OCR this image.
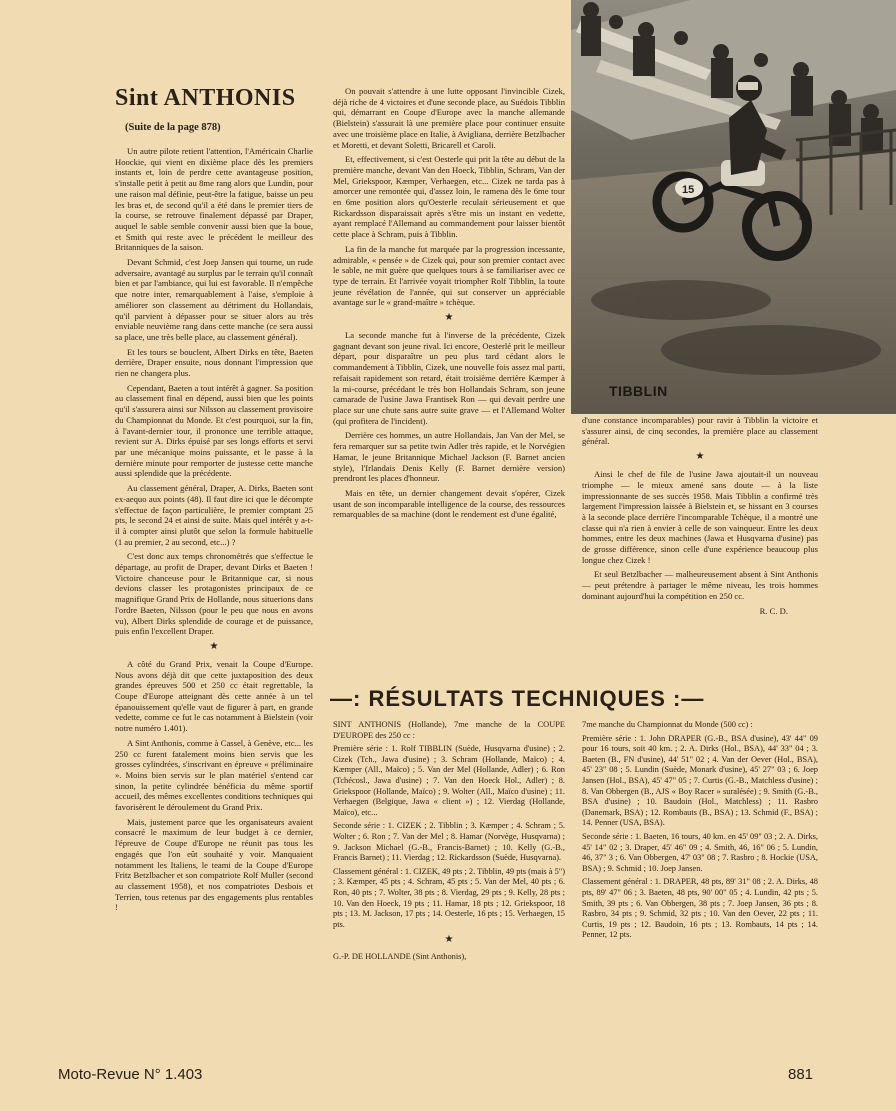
Sint ANTHONIS
(Suite de la page 878)

Un autre pilote retient l'attention, l'Américain Charlie Hoockie, qui vient en dixième place dès les premiers instants et, loin de perdre cette avantageuse position, s'installe petit à petit au 8me rang alors que Lundin, pour une raison mal définie, peut-être la fatigue, baisse un peu les bras et, de second qu'il a été dans le premier tiers de la course, se retrouve finalement dépassé par Draper, auquel le sable semble convenir aussi bien que la boue, et Smith qui reste avec le précédent le meilleur des Britanniques de la saison.

Devant Schmid, c'est Joep Jansen qui tourne, un rude adversaire, avantagé au surplus par le terrain qu'il connaît bien et par l'ambiance, qui lui est favorable. Il n'empêche que notre inter, remarquablement à l'aise, s'emploie à améliorer son classement au détriment du Hollandais, qu'il parvient à dépasser pour se situer alors au très enviable neuvième rang dans cette manche (ce sera aussi sa place, une très belle place, au classement général).

Et les tours se bouclent, Albert Dirks en tête, Baeten derrière, Draper ensuite, nous donnant l'impression que rien ne changera plus.

Cependant, Baeten a tout intérêt à gagner. Sa position au classement final en dépend, aussi bien que les points qu'il s'assurera ainsi sur Nilsson au classement provisoire du Championnat du Monde. Et c'est pourquoi, sur la fin, à l'avant-dernier tour, il prononce une terrible attaque, revient sur A. Dirks épuisé par ses longs efforts et servi par une mécanique moins puissante, et le passe à la dernière minute pour remporter de justesse cette manche aussi splendide que la précédente.

Au classement général, Draper, A. Dirks, Baeten sont ex-aequo aux points (48). Il faut dire ici que le décompte s'effectue de façon particulière, le premier comptant 25 pts, le second 24 et ainsi de suite. Mais quel intérêt y a-t-il à compter ainsi plutôt que selon la formule habituelle (1 au premier, 2 au second, etc...) ?

C'est donc aux temps chronométrés que s'effectue le départage, au profit de Draper, devant Dirks et Baeten ! Victoire chanceuse pour le Britannique car, si nous devions classer les protagonistes principaux de ce magnifique Grand Prix de Hollande, nous situerions dans l'ordre Baeten, Nilsson (pour le peu que nous en avons vu), Albert Dirks splendide de courage et de puissance, puis enfin l'excellent Draper.

★

A côté du Grand Prix, venait la Coupe d'Europe. Nous avons déjà dit que cette juxtaposition des deux grandes épreuves 500 et 250 cc était regrettable, la Coupe d'Europe atteignant dès cette année à un tel épanouissement qu'elle vaut de figurer à part, en grande vedette, comme ce fut le cas notamment à Bielstein (voir notre numéro 1.401).

A Sint Anthonis, comme à Cassel, à Genève, etc... les 250 cc furent fatalement moins bien servis que les grosses cylindrées, s'inscrivant en épreuve « préliminaire ». Moins bien servis sur le plan matériel s'entend car sinon, la petite cylindrée bénéficia du même sportif accueil, des mêmes excellentes conditions techniques qui favorisèrent le déroulement du Grand Prix.

Mais, justement parce que les organisateurs avaient consacré le maximum de leur budget à ce dernier, l'épreuve de Coupe d'Europe ne réunit pas tous les engagés que l'on eût souhaité y voir. Manquaient notamment les Italiens, le teami de la Coupe d'Europe Fritz Betzlbacher et son compatriote Rolf Muller (second au classement 1958), et nos compatriotes Desbois et Terrien, tous retenus par des engagements plus rentables !

On pouvait s'attendre à une lutte opposant l'invincible Cizek, déjà riche de 4 victoires et d'une seconde place, au Suédois Tibblin qui, démarrant en Coupe d'Europe avec la manche allemande (Bielstein) s'assurait là une première place pour continuer ensuite avec une troisième place en Italie, à Avigliana, derrière Betzlbacher et Moretti, et devant Soletti, Bricarell et Caroli.

Et, effectivement, si c'est Oesterle qui prit la tête au début de la première manche, devant Van den Hoeck, Tibblin, Schram, Van der Mel, Griekspoor, Kæmper, Verhaegen, etc... Cizek ne tarda pas à amorcer une remontée qui, d'assez loin, le ramena dès le 6me tour en 6me position alors qu'Oesterle reculait sérieusement et que Rickardsson disparaissait après s'être mis un instant en vedette, ayant remplacé l'Allemand au commandement pour laisser bientôt cette place à Schram, puis à Tibblin.

La fin de la manche fut marquée par la progression incessante, admirable, « pensée » de Cizek qui, pour son premier contact avec le sable, ne mit guère que quelques tours à se familiariser avec ce type de terrain. Et l'arrivée voyait triompher Rolf Tibblin, la toute jeune révélation de l'année, qui sut conserver un appréciable avantage sur le « grand-maître » tchèque.

★

La seconde manche fut à l'inverse de la précédente, Cizek gagnant devant son jeune rival. Ici encore, Oesterlé prit le meilleur départ, pour disparaître un peu plus tard cédant alors le commandement à Tibblin, Cizek, une nouvelle fois assez mal parti, refaisait rapidement son retard, était troisième derrière Kæmper à la mi-course, précédant le très bon Hollandais Schram, son jeune camarade de l'usine Jawa Frantisek Ron — qui devait perdre une place sur une chute sans autre suite grave — et l'Allemand Wolter (qui profitera de l'incident).

Derrière ces hommes, un autre Hollandais, Jan Van der Mel, se fera remarquer sur sa petite twin Adler très rapide, et le Norvégien Hamar, le jeune Britannique Michael Jackson (F. Barnet ancien style), l'Irlandais Denis Kelly (F. Barnet dernière version) prendront les places d'honneur.

Mais en tête, un dernier changement devait s'opérer, Cizek usant de son incomparable intelligence de la course, des ressources remarquables de sa machine (dont le rendement est d'une égalité,

15
TIBBLIN

d'une constance incomparables) pour ravir à Tibblin la victoire et s'assurer ainsi, de cinq secondes, la première place au classement général.

★

Ainsi le chef de file de l'usine Jawa ajoutait-il un nouveau triomphe — le mieux amené sans doute — à la liste impressionnante de ses succès 1958. Mais Tibblin a confirmé très largement l'impression laissée à Bielstein et, se hissant en 3 courses à la seconde place derrière l'incomparable Tchèque, il a montré une classe qui n'a rien à envier à celle de son vainqueur. Entre les deux hommes, entre les deux machines (Jawa et Husqvarna d'usine) pas de grosse différence, sinon celle d'une expérience beaucoup plus longue chez Cizek !

Et seul Betzlbacher — malheureusement absent à Sint Anthonis — peut prétendre à partager le même niveau, les trois hommes dominant aujourd'hui la compétition en 250 cc.

R. C. D.
—: RÉSULTATS TECHNIQUES :—

SINT ANTHONIS (Hollande), 7me manche de la COUPE D'EUROPE des 250 cc :

Première série : 1. Rolf TIBBLIN (Suède, Husqvarna d'usine) ; 2. Cizek (Tch., Jawa d'usine) ; 3. Schram (Hollande, Maïco) ; 4. Kæmper (All., Maïco) ; 5. Van der Mel (Hollande, Adler) ; 6. Ron (Tchécosl., Jawa d'usine) ; 7. Van den Hoeck Hol., Adler) ; 8. Griekspoor (Hollande, Maïco) ; 9. Wolter (All., Maïco d'usine) ; 11. Verhaegen (Belgique, Jawa « client ») ; 12. Vierdag (Hollande, Maïco), etc...

Seconde série : 1. CIZEK ; 2. Tibblin ; 3. Kæmper ; 4. Schram ; 5. Wolter ; 6. Ron ; 7. Van der Mel ; 8. Hamar (Norvège, Husqvarna) ; 9. Jackson Michael (G.-B., Francis-Barnet) ; 10. Kelly (G.-B., Francis Barnet) ; 11. Vierdag ; 12. Rickardsson (Suède, Husqvarna).

Classement général : 1. CIZEK, 49 pts ; 2. Tibblin, 49 pts (mais à 5") ; 3. Kæmper, 45 pts ; 4. Schram, 45 pts ; 5. Van der Mel, 40 pts ; 6. Ron, 40 pts ; 7. Wolter, 38 pts ; 8. Vierdag, 29 pts ; 9. Kelly, 28 pts ; 10. Van den Hoeck, 19 pts ; 11. Hamar, 18 pts ; 12. Griekspoor, 18 pts ; 13. M. Jackson, 17 pts ; 14. Oesterle, 16 pts ; 15. Verhaegen, 15 pts.

★

G.-P. DE HOLLANDE (Sint Anthonis),

7me manche du Championnat du Monde (500 cc) :

Première série : 1. John DRAPER (G.-B., BSA d'usine), 43' 44" 09 pour 16 tours, soit 40 km. ; 2. A. Dirks (Hol., BSA), 44' 33" 04 ; 3. Baeten (B., FN d'usine), 44' 51" 02 ; 4. Van der Oever (Hol., BSA), 45' 23" 08 ; 5. Lundin (Suède, Monark d'usine), 45' 27" 03 ; 6. Joep Jansen (Hol., BSA), 45' 47" 05 ; 7. Curtis (G.-B., Matchless d'usine) ; 8. Van Obbergen (B., AJS « Boy Racer » suralésée) ; 9. Smith (G.-B., BSA d'usine) ; 10. Baudoin (Hol., Matchless) ; 11. Rasbro (Danemark, BSA) ; 12. Rombauts (B., BSA) ; 13. Schmid (F., BSA) ; 14. Penner (USA, BSA).

Seconde série : 1. Baeten, 16 tours, 40 km. en 45' 09" 03 ; 2. A. Dirks, 45' 14" 02 ; 3. Draper, 45' 46" 09 ; 4. Smith, 46, 16" 06 ; 5. Lundin, 46, 37" 3 ; 6. Van Obbergen, 47' 03" 08 ; 7. Rasbro ; 8. Hockie (USA, BSA) ; 9. Schmid ; 10. Joep Jansen.

Classement général : 1. DRAPER, 48 pts, 89' 31" 08 ; 2. A. Dirks, 48 pts, 89' 47" 06 ; 3. Baeten, 48 pts, 90' 00" 05 ; 4. Lundin, 42 pts ; 5. Smith, 39 pts ; 6. Van Obbergen, 38 pts ; 7. Joep Jansen, 36 pts ; 8. Rasbro, 34 pts ; 9. Schmid, 32 pts ; 10. Van den Oever, 22 pts ; 11. Curtis, 19 pts ; 12. Baudoin, 16 pts ; 13. Rombauts, 14 pts ; 14. Penner, 12 pts.

Moto-Revue N° 1.403	881
